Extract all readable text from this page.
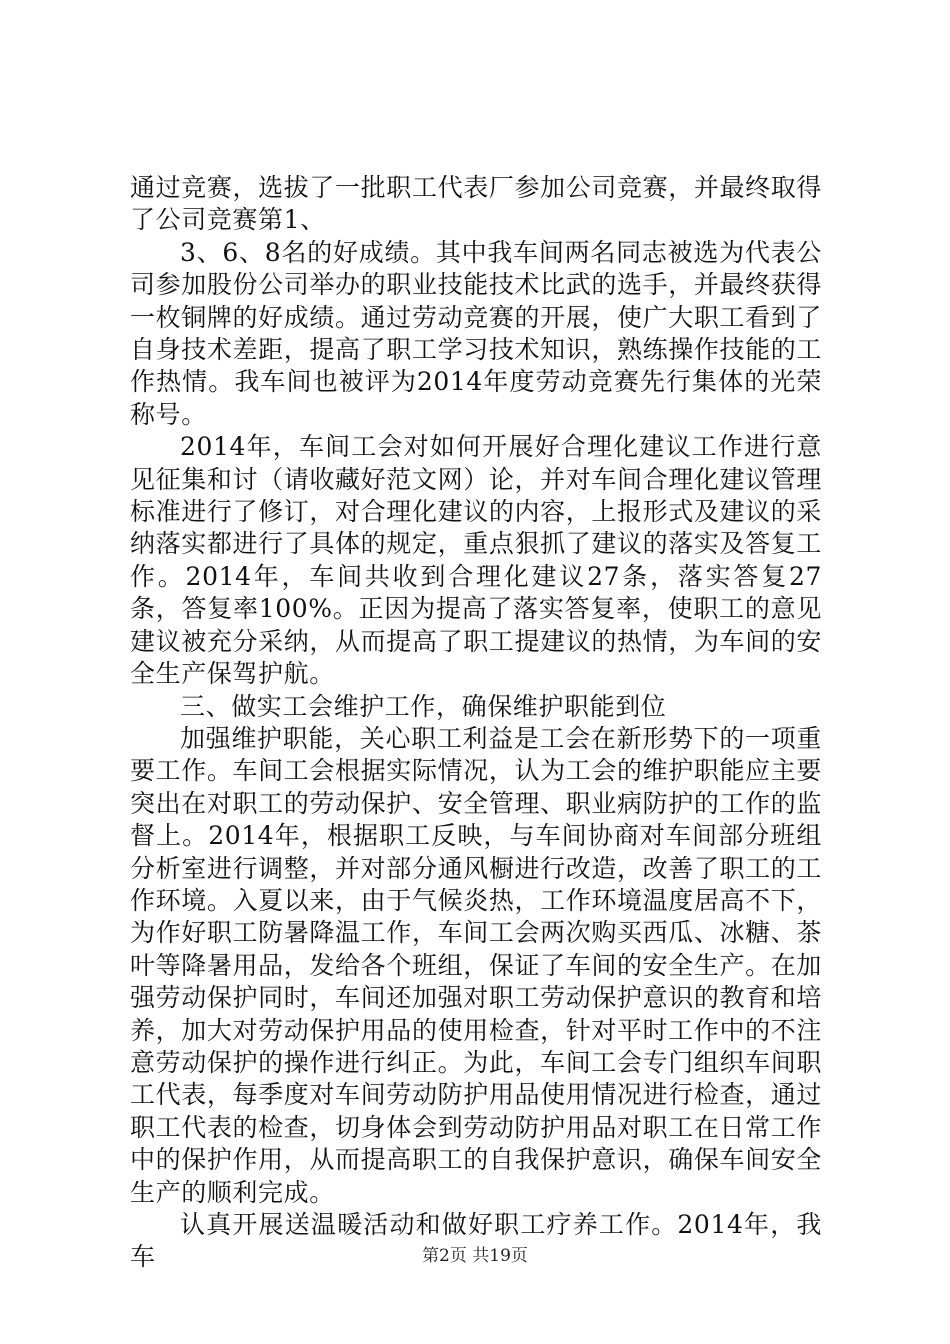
通过竞赛，选拔了一批职工代表厂参加公司竞赛，并最终取得了公司竞赛第1、

3、6、8名的好成绩。其中我车间两名同志被选为代表公司参加股份公司举办的职业技能技术比武的选手，并最终获得一枚铜牌的好成绩。通过劳动竞赛的开展，使广大职工看到了自身技术差距，提高了职工学习技术知识，熟练操作技能的工作热情。我车间也被评为2014年度劳动竞赛先行集体的光荣称号。

2014年，车间工会对如何开展好合理化建议工作进行意见征集和讨（请收藏好范文网）论，并对车间合理化建议管理标准进行了修订，对合理化建议的内容，上报形式及建议的采纳落实都进行了具体的规定，重点狠抓了建议的落实及答复工作。2014年，车间共收到合理化建议27条，落实答复27条，答复率100%。正因为提高了落实答复率，使职工的意见建议被充分采纳，从而提高了职工提建议的热情，为车间的安全生产保驾护航。

三、做实工会维护工作，确保维护职能到位

加强维护职能，关心职工利益是工会在新形势下的一项重要工作。车间工会根据实际情况，认为工会的维护职能应主要突出在对职工的劳动保护、安全管理、职业病防护的工作的监督上。2014年，根据职工反映，与车间协商对车间部分班组分析室进行调整，并对部分通风橱进行改造，改善了职工的工作环境。入夏以来，由于气候炎热，工作环境温度居高不下，为作好职工防暑降温工作，车间工会两次购买西瓜、冰糖、茶叶等降暑用品，发给各个班组，保证了车间的安全生产。在加强劳动保护同时，车间还加强对职工劳动保护意识的教育和培养，加大对劳动保护用品的使用检查，针对平时工作中的不注意劳动保护的操作进行纠正。为此，车间工会专门组织车间职工代表，每季度对车间劳动防护用品使用情况进行检查，通过职工代表的检查，切身体会到劳动防护用品对职工在日常工作中的保护作用，从而提高职工的自我保护意识，确保车间安全生产的顺利完成。

认真开展送温暖活动和做好职工疗养工作。2014年，我车	第2页 共19页
